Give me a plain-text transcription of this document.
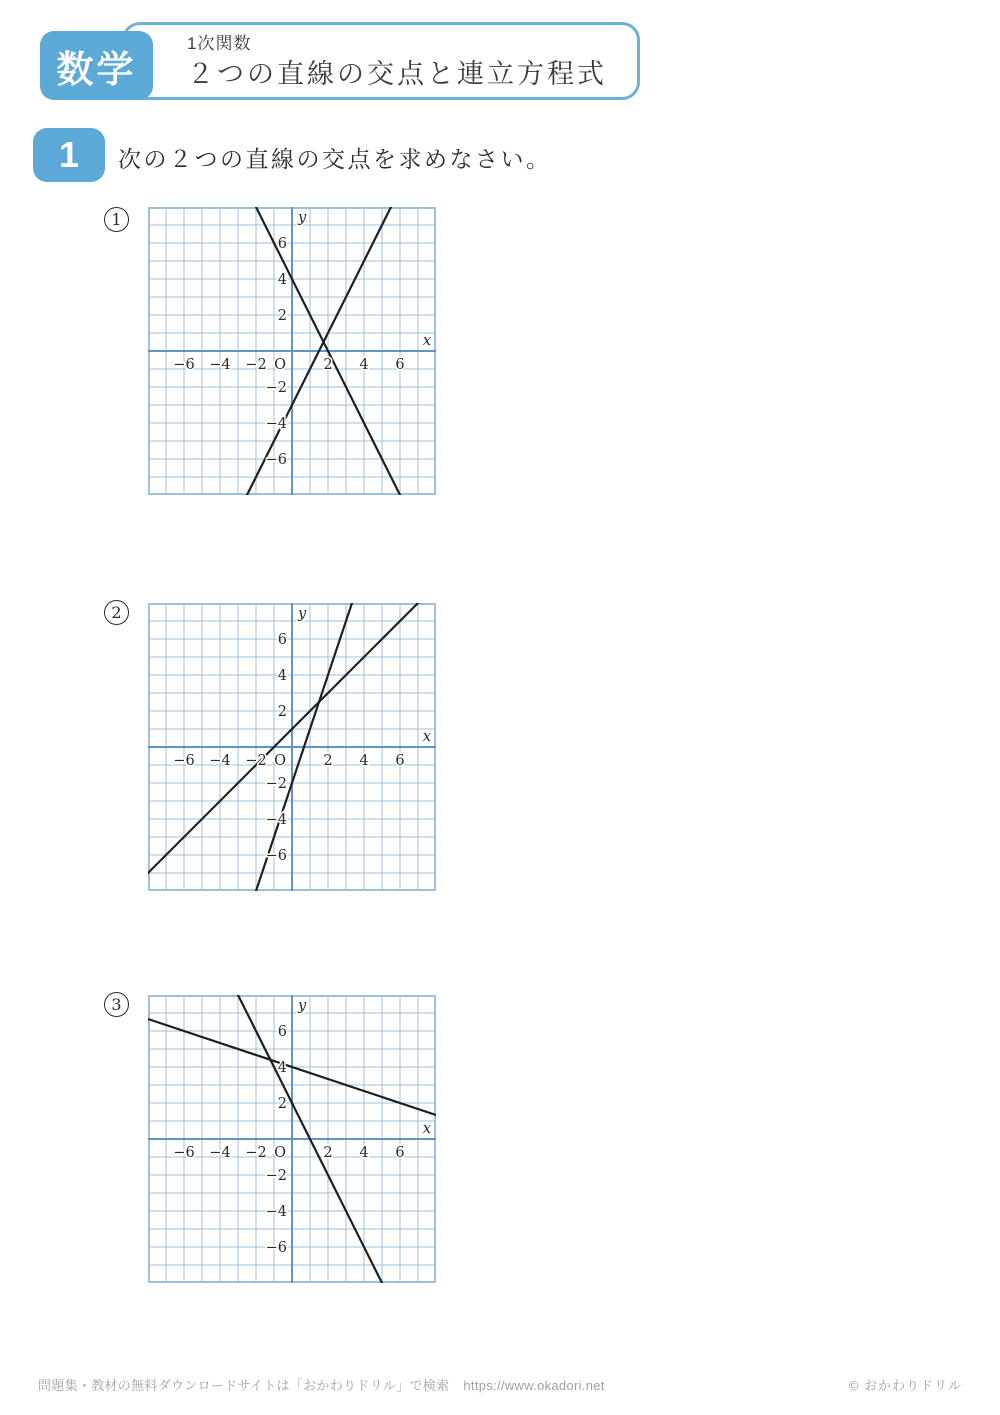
1次関数
２つの直線の交点と連立方程式
数学
1	次の２つの直線の交点を求めなさい。
1
−6 −4 −2	2 4 6
6
4
2
−2
−4
−6
O
x
y
2
−6 −4 −2	2 4 6
6
4
2
−2
−4
−6
O
x
y
3
−6 −4 −2	2 4 6
6
4
2
−2
−4
−6
O
x
y
問題集・教材の無料ダウンロードサイトは「おかわりドリル」で検索 https://www.okadori.net	© おかわりドリル
